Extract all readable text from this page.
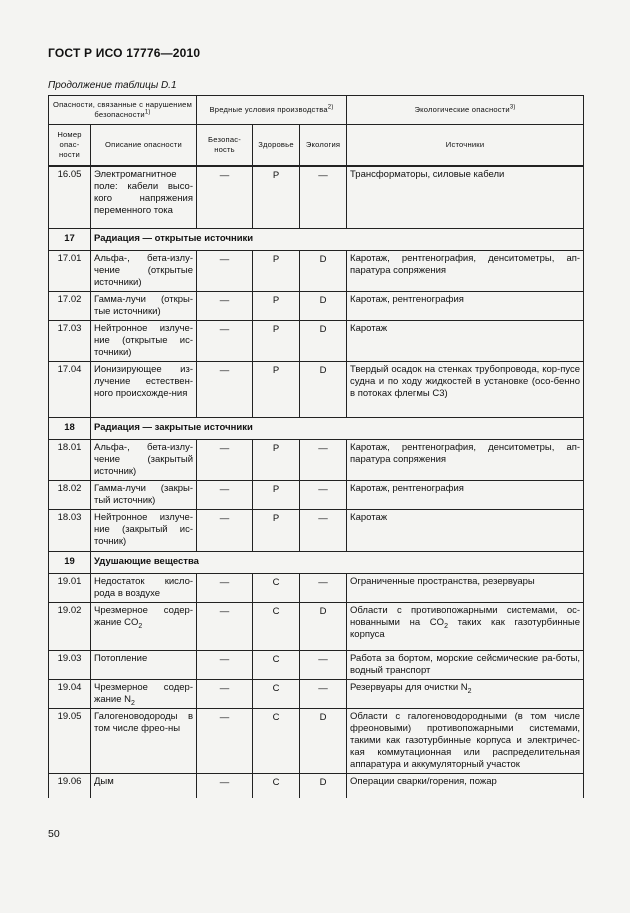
ГОСТ Р ИСО 17776—2010
Продолжение таблицы D.1
Опасности, связанные с нарушением безопасности$^{1)}$		Вредные условия производства$^{2)}$			Экологические опасности$^{3)}$
Номер опас-ности	Описание опасности	Безопас-ность	Здоровье	Экология	Источники
16.05	Электромагнитное поле: кабели высо-кого напряжения переменного тока	—	Р	—	Трансформаторы, силовые кабели
17	Радиация — открытые источники				
17.01	Альфа-, бета-излу-чение (открытые источники)	—	Р	D	Каротаж, рентгенография, денситометры, ап-паратура сопряжения
17.02	Гамма-лучи (откры-тые источники)	—	Р	D	Каротаж, рентгенография
17.03	Нейтронное излуче-ние (открытые ис-точники)	—	Р	D	Каротаж
17.04	Ионизирующее из-лучение естествен-ного происхожде-ния	—	Р	D	Твердый осадок на стенках трубопровода, кор-пусе судна и по ходу жидкостей в установке (осо-бенно в потоках флегмы C3)
18	Радиация — закрытые источники				
18.01	Альфа-, бета-излу-чение (закрытый источник)	—	Р	—	Каротаж, рентгенография, денситометры, ап-паратура сопряжения
18.02	Гамма-лучи (закры-тый источник)	—	Р	—	Каротаж, рентгенография
18.03	Нейтронное излуче-ние (закрытый ис-точник)	—	Р	—	Каротаж
19	Удушающие вещества				
19.01	Недостаток кисло-рода в воздухе	—	С	—	Ограниченные пространства, резервуары
19.02	Чрезмерное содер-жание $CO_2$	—	С	D	Области с противопожарными системами, ос-нованными на $CO_2$ таких как газотурбинные корпуса
19.03	Потопление	—	С	—	Работа за бортом, морские сейсмические ра-боты, водный транспорт
19.04	Чрезмерное содер-жание $N_2$	—	С	—	Резервуары для очистки $N_2$
19.05	Галогеноводороды в том числе фрео-ны	—	С	D	Области с галогеноводородными (в том числе фреоновыми) противопожарными системами, такими как газотурбинные корпуса и электричес-кая коммутационная или распределительная аппаратура и аккумуляторный участок
19.06	Дым	—	С	D	Операции сварки/горения, пожар
50
